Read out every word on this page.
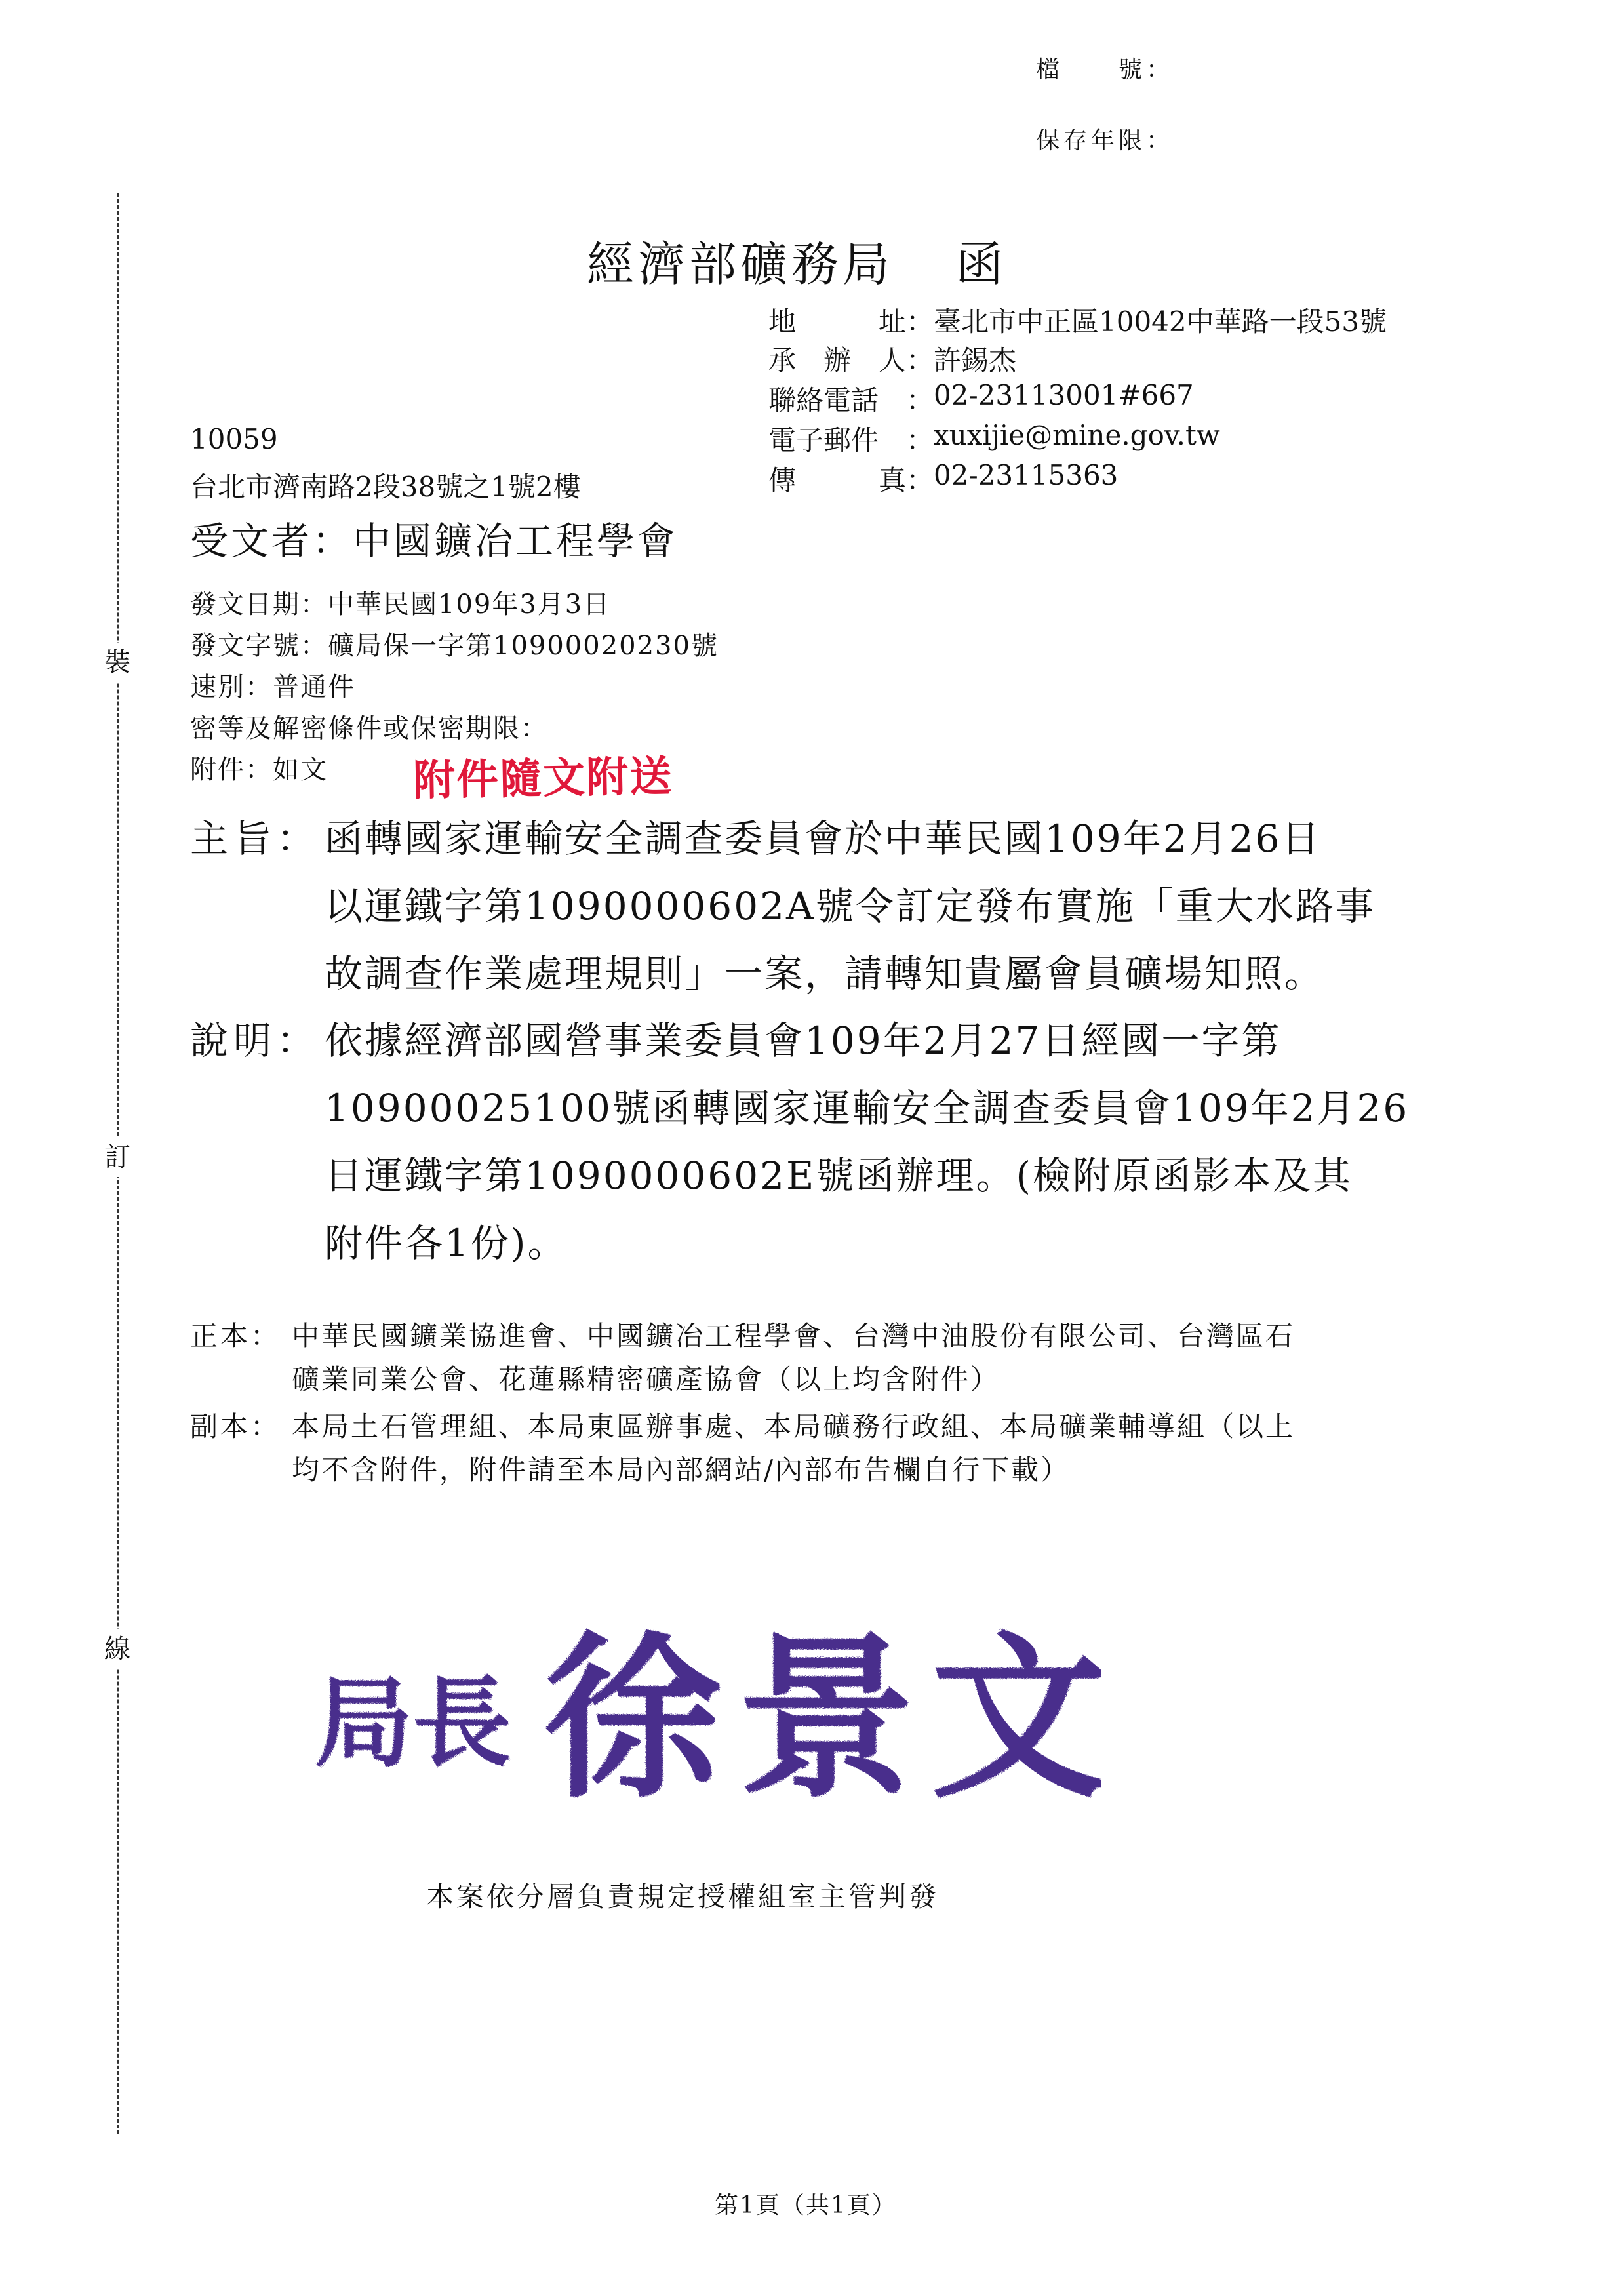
裝
訂
線
檔　　號：
保存年限：
經濟部礦務局 函
地	址 ： 臺北市中正區10042中華路一段53號
承 辦 人 ： 許錫杰
聯絡電話 ： 02-23113001#667
電子郵件 ： xuxijie@mine.gov.tw
傳	真 ： 02-23115363
10059
台北市濟南路2段38號之1號2樓
受文者：中國鑛冶工程學會
發文日期：中華民國109年3月3日
發文字號：礦局保一字第10900020230號
速別：普通件
密等及解密條件或保密期限：
附件：如文 附件隨文附送
主旨： 函轉國家運輸安全調查委員會於中華民國109年2月26日
以運鐵字第1090000602A號令訂定發布實施「重大水路事
故調查作業處理規則」一案，請轉知貴屬會員礦場知照。
說明： 依據經濟部國營事業委員會109年2月27日經國一字第
10900025100號函轉國家運輸安全調查委員會109年2月26
日運鐵字第1090000602E號函辦理。(檢附原函影本及其
附件各1份)。
正本： 中華民國鑛業協進會、中國鑛冶工程學會、台灣中油股份有限公司、台灣區石
礦業同業公會、花蓮縣精密礦產協會（以上均含附件）
副本： 本局土石管理組、本局東區辦事處、本局礦務行政組、本局礦業輔導組（以上
均不含附件，附件請至本局內部網站/內部布告欄自行下載）
局長 徐景文
本案依分層負責規定授權組室主管判發
第1頁（共1頁）
